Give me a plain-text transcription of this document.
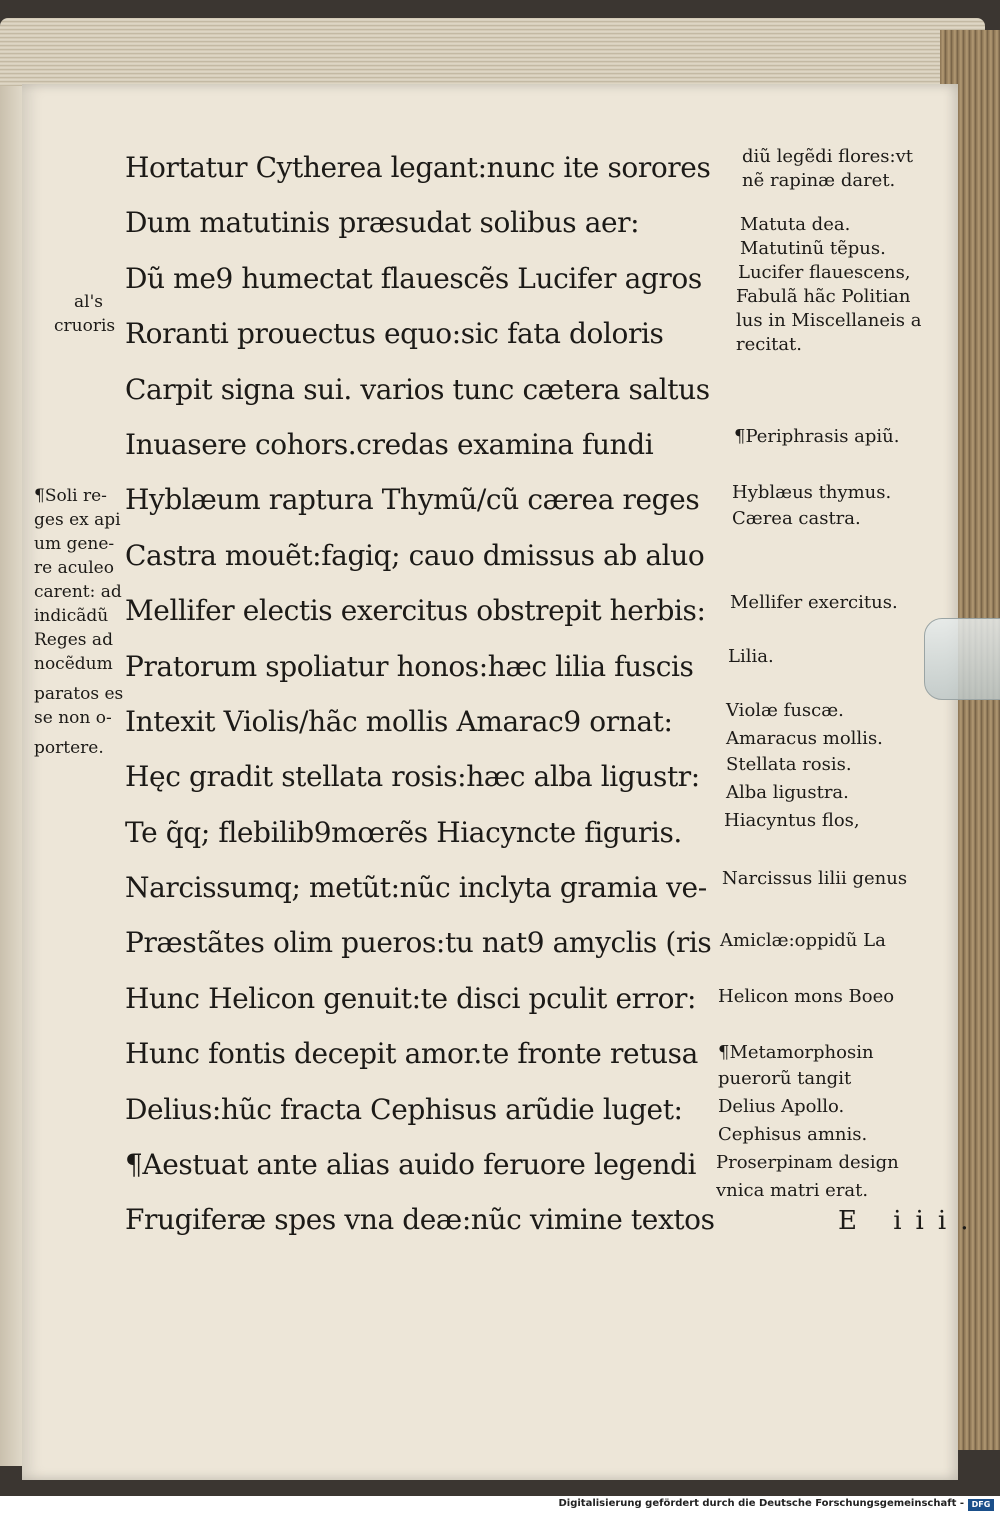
Hortatur Cytherea legant:nunc ite sorores
Dum matutinis præsudat solibus aer:
Dũ me9 humectat flauescẽs Lucifer agros
Roranti prouectus equo:sic fata doloris
Carpit signa sui. varios tunc cætera saltus
Inuasere cohors.credas examina fundi
Hyblæum raptura Thymũ/cũ cærea reges
Castra mouẽt:fagiq; cauo dmissus ab aluo
Mellifer electis exercitus obstrepit herbis:
Pratorum spoliatur honos:hæc lilia fuscis
Intexit Violis/hãc mollis Amarac9 ornat:
Hęc gradit stellata rosis:hæc alba ligustr:
Te q̃q; flebilib9mœrẽs Hiacyncte figuris.
Narcissumq; metũt:nũc inclyta gramia ve-
Præstãtes olim pueros:tu nat9 amyclis (ris
Hunc Helicon genuit:te disci pculit error:
Hunc fontis decepit amor.te fronte retusa
Delius:hũc fracta Cephisus arũdie luget:
¶Aestuat ante alias auido feruore legendi
Frugiferæ spes vna deæ:nũc vimine textos
al's
cruoris
¶Soli re-
ges ex api
um gene-
re aculeo
carent: ad
indicãdũ
Reges ad
nocẽdum
paratos es
se non o-
portere.
diũ legẽdi flores:vt
nẽ rapinæ daret.
Matuta dea.
Matutinũ tẽpus.
Lucifer flauescens,
Fabulã hãc Politian
lus in Miscellaneis a
recitat.
¶Periphrasis apiũ.
Hyblæus thymus.
Cærea castra.
Mellifer exercitus.
Lilia.
Violæ fuscæ.
Amaracus mollis.
Stellata rosis.
Alba ligustra.
Hiacyntus flos,
Narcissus lilii genus
Amiclæ:oppidũ La
Helicon mons Boeo
¶Metamorphosin
puerorũ tangit
Delius Apollo.
Cephisus amnis.
Proserpinam design
vnica matri erat.
E iii.
Digitalisierung gefördert durch die Deutsche Forschungsgemeinschaft - DFG
